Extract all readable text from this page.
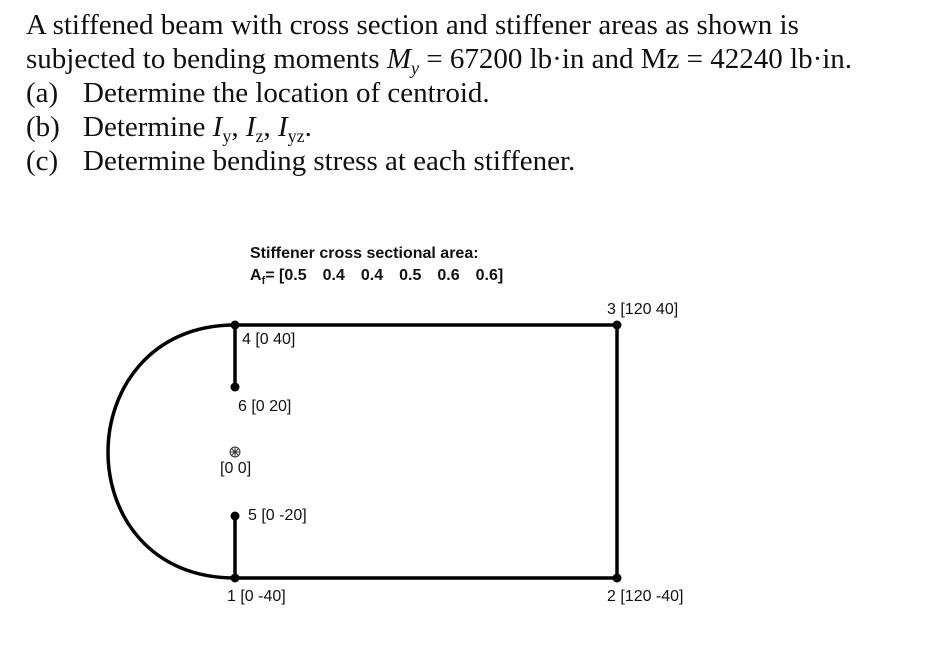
A stiffened beam with cross section and stiffener areas as shown is

subjected to bending moments $M_y = 67200$ lb·in and Mz = 42240 lb·in.

(a) Determine the location of centroid.

(b) Determine $I_y$, $I_z$, $I_{yz}$.

(c) Determine bending stress at each stiffener.

Stiffener cross sectional area:
$A_f= [0.5$ 0.4 0.4 0.5 0.6 0.6]
4 [0 40]
6 [0 20]
[0 0]
5 [0 -20]
1 [0 -40]
3 [120 40]
2 [120 -40]
